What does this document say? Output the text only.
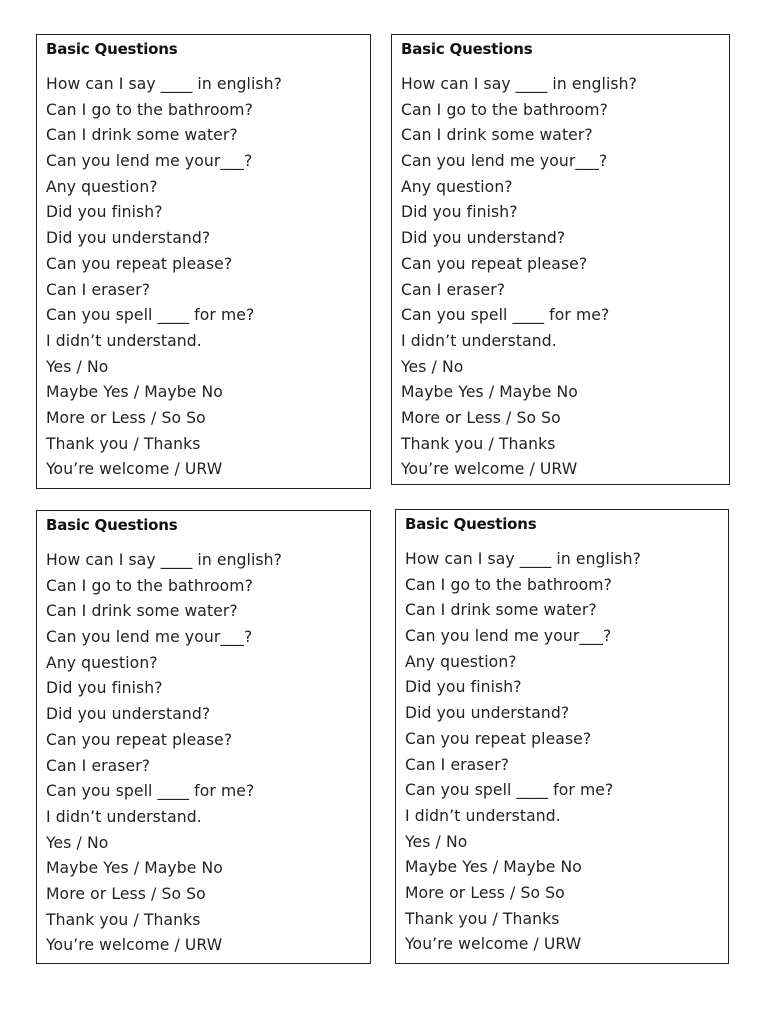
Basic Questions
How can I say ____ in english?
Can I go to the bathroom?
Can I drink some water?
Can you lend me your___?
Any question?
Did you finish?
Did you understand?
Can you repeat please?
Can I eraser?
Can you spell ____ for me?
I didn’t understand.
Yes / No
Maybe Yes / Maybe No
More or Less / So So
Thank you / Thanks
You’re welcome / URW
Basic Questions
How can I say ____ in english?
Can I go to the bathroom?
Can I drink some water?
Can you lend me your___?
Any question?
Did you finish?
Did you understand?
Can you repeat please?
Can I eraser?
Can you spell ____ for me?
I didn’t understand.
Yes / No
Maybe Yes / Maybe No
More or Less / So So
Thank you / Thanks
You’re welcome / URW
Basic Questions
How can I say ____ in english?
Can I go to the bathroom?
Can I drink some water?
Can you lend me your___?
Any question?
Did you finish?
Did you understand?
Can you repeat please?
Can I eraser?
Can you spell ____ for me?
I didn’t understand.
Yes / No
Maybe Yes / Maybe No
More or Less / So So
Thank you / Thanks
You’re welcome / URW
Basic Questions
How can I say ____ in english?
Can I go to the bathroom?
Can I drink some water?
Can you lend me your___?
Any question?
Did you finish?
Did you understand?
Can you repeat please?
Can I eraser?
Can you spell ____ for me?
I didn’t understand.
Yes / No
Maybe Yes / Maybe No
More or Less / So So
Thank you / Thanks
You’re welcome / URW
